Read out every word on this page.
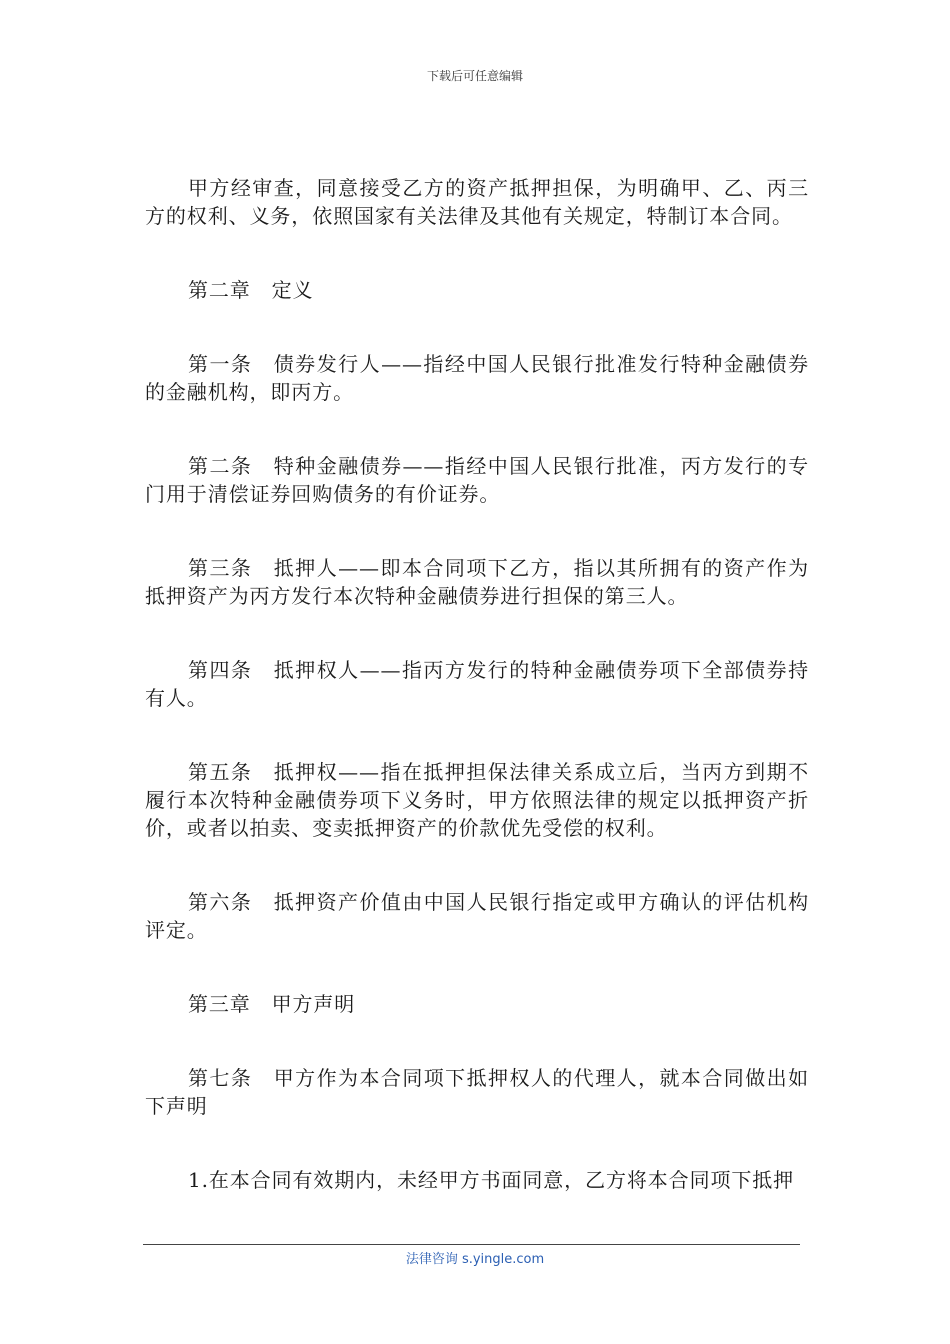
下载后可任意编辑

甲方经审查，同意接受乙方的资产抵押担保，为明确甲、乙、丙三方的权利、义务，依照国家有关法律及其他有关规定，特制订本合同。

第二章　定义

第一条　债券发行人——指经中国人民银行批准发行特种金融债券的金融机构，即丙方。

第二条　特种金融债券——指经中国人民银行批准，丙方发行的专门用于清偿证券回购债务的有价证券。

第三条　抵押人——即本合同项下乙方，指以其所拥有的资产作为抵押资产为丙方发行本次特种金融债券进行担保的第三人。

第四条　抵押权人——指丙方发行的特种金融债券项下全部债券持有人。

第五条　抵押权——指在抵押担保法律关系成立后，当丙方到期不履行本次特种金融债券项下义务时，甲方依照法律的规定以抵押资产折价，或者以拍卖、变卖抵押资产的价款优先受偿的权利。

第六条　抵押资产价值由中国人民银行指定或甲方确认的评估机构评定。

第三章　甲方声明

第七条　甲方作为本合同项下抵押权人的代理人，就本合同做出如下声明

1.在本合同有效期内，未经甲方书面同意，乙方将本合同项下抵押

法律咨询 s.yingle.com
